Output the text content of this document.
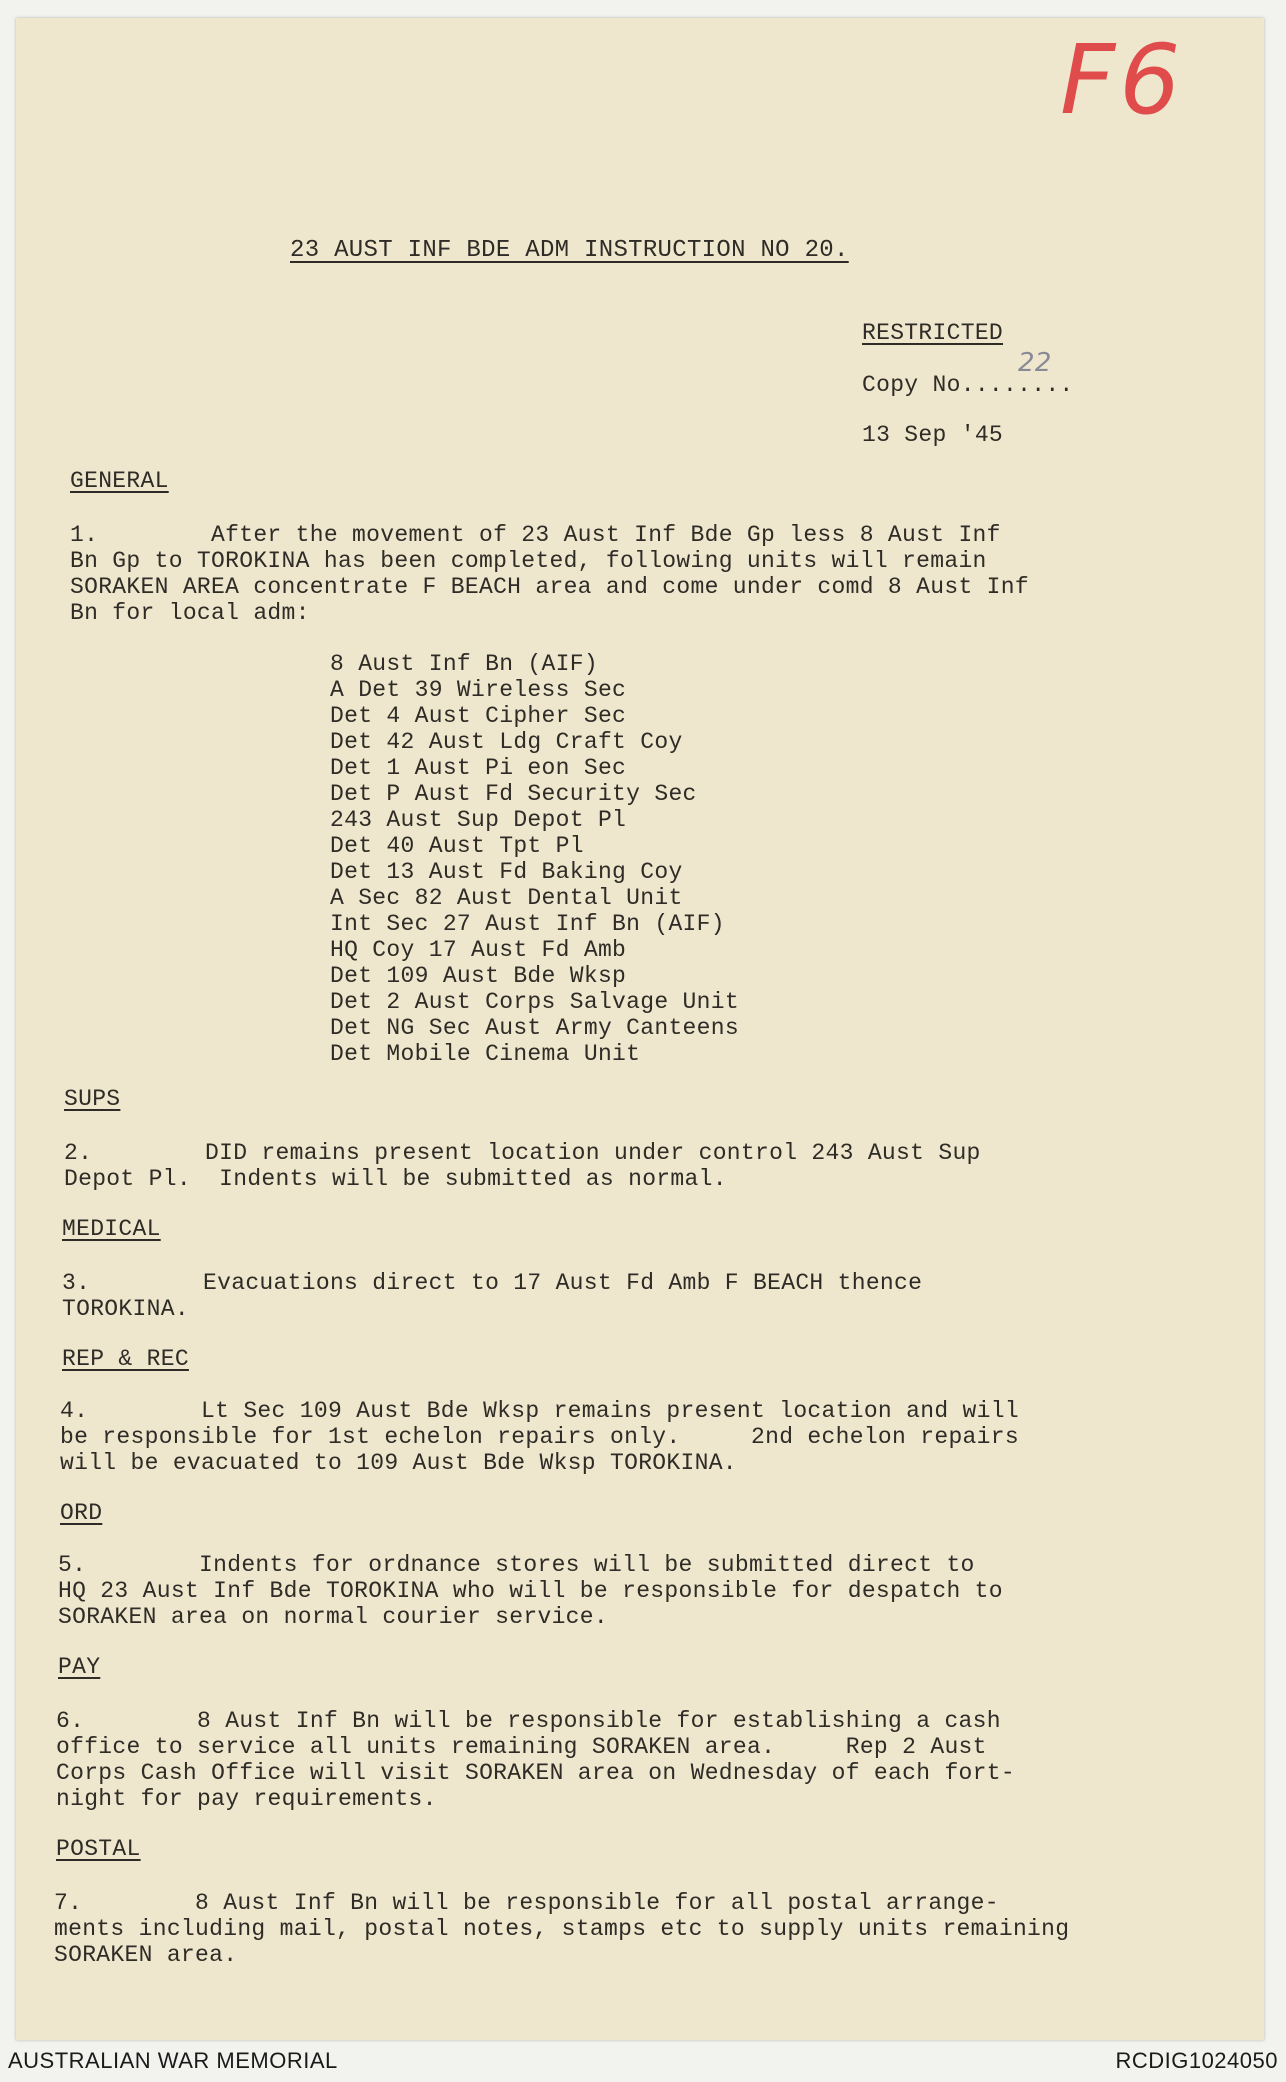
F6
23 AUST INF BDE ADM INSTRUCTION NO 20.
RESTRICTED
Copy No........
22
13 Sep '45
GENERAL
1.        After the movement of 23 Aust Inf Bde Gp less 8 Aust Inf
Bn Gp to TOROKINA has been completed, following units will remain
SORAKEN AREA concentrate F BEACH area and come under comd 8 Aust Inf
Bn for local adm:
8 Aust Inf Bn (AIF)
A Det 39 Wireless Sec
Det 4 Aust Cipher Sec
Det 42 Aust Ldg Craft Coy
Det 1 Aust Pi eon Sec
Det P Aust Fd Security Sec
243 Aust Sup Depot Pl
Det 40 Aust Tpt Pl
Det 13 Aust Fd Baking Coy
A Sec 82 Aust Dental Unit
Int Sec 27 Aust Inf Bn (AIF)
HQ Coy 17 Aust Fd Amb
Det 109 Aust Bde Wksp
Det 2 Aust Corps Salvage Unit
Det NG Sec Aust Army Canteens
Det Mobile Cinema Unit
SUPS
2.        DID remains present location under control 243 Aust Sup
Depot Pl.  Indents will be submitted as normal.
MEDICAL
3.        Evacuations direct to 17 Aust Fd Amb F BEACH thence
TOROKINA.
REP & REC
4.        Lt Sec 109 Aust Bde Wksp remains present location and will
be responsible for 1st echelon repairs only.     2nd echelon repairs
will be evacuated to 109 Aust Bde Wksp TOROKINA.
ORD
5.        Indents for ordnance stores will be submitted direct to
HQ 23 Aust Inf Bde TOROKINA who will be responsible for despatch to
SORAKEN area on normal courier service.
PAY
6.        8 Aust Inf Bn will be responsible for establishing a cash
office to service all units remaining SORAKEN area.     Rep 2 Aust
Corps Cash Office will visit SORAKEN area on Wednesday of each fort-
night for pay requirements.
POSTAL
7.        8 Aust Inf Bn will be responsible for all postal arrange-
ments including mail, postal notes, stamps etc to supply units remaining
SORAKEN area.
AUSTRALIAN WAR MEMORIAL	RCDIG1024050
